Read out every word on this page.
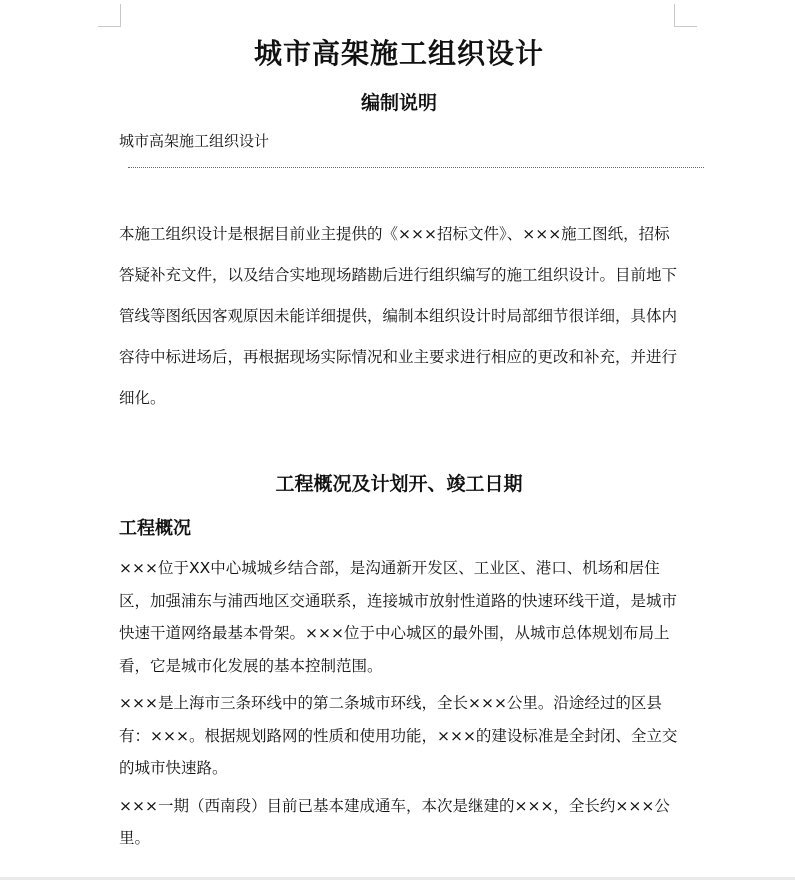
城市高架施工组织设计
编制说明
城市高架施工组织设计

本施工组织设计是根据目前业主提供的《×××招标文件》、×××施工图纸，招标答疑补充文件，以及结合实地现场踏勘后进行组织编写的施工组织设计。目前地下管线等图纸因客观原因未能详细提供，编制本组织设计时局部细节很详细，具体内容待中标进场后，再根据现场实际情况和业主要求进行相应的更改和补充，并进行细化。

工程概况及计划开、竣工日期
工程概况

×××位于XX中心城城乡结合部，是沟通新开发区、工业区、港口、机场和居住区，加强浦东与浦西地区交通联系，连接城市放射性道路的快速环线干道，是城市快速干道网络最基本骨架。×××位于中心城区的最外围，从城市总体规划布局上看，它是城市化发展的基本控制范围。

×××是上海市三条环线中的第二条城市环线，全长×××公里。沿途经过的区县有：×××。根据规划路网的性质和使用功能，×××的建设标准是全封闭、全立交的城市快速路。

×××一期（西南段）目前已基本建成通车，本次是继建的×××，全长约×××公里。
